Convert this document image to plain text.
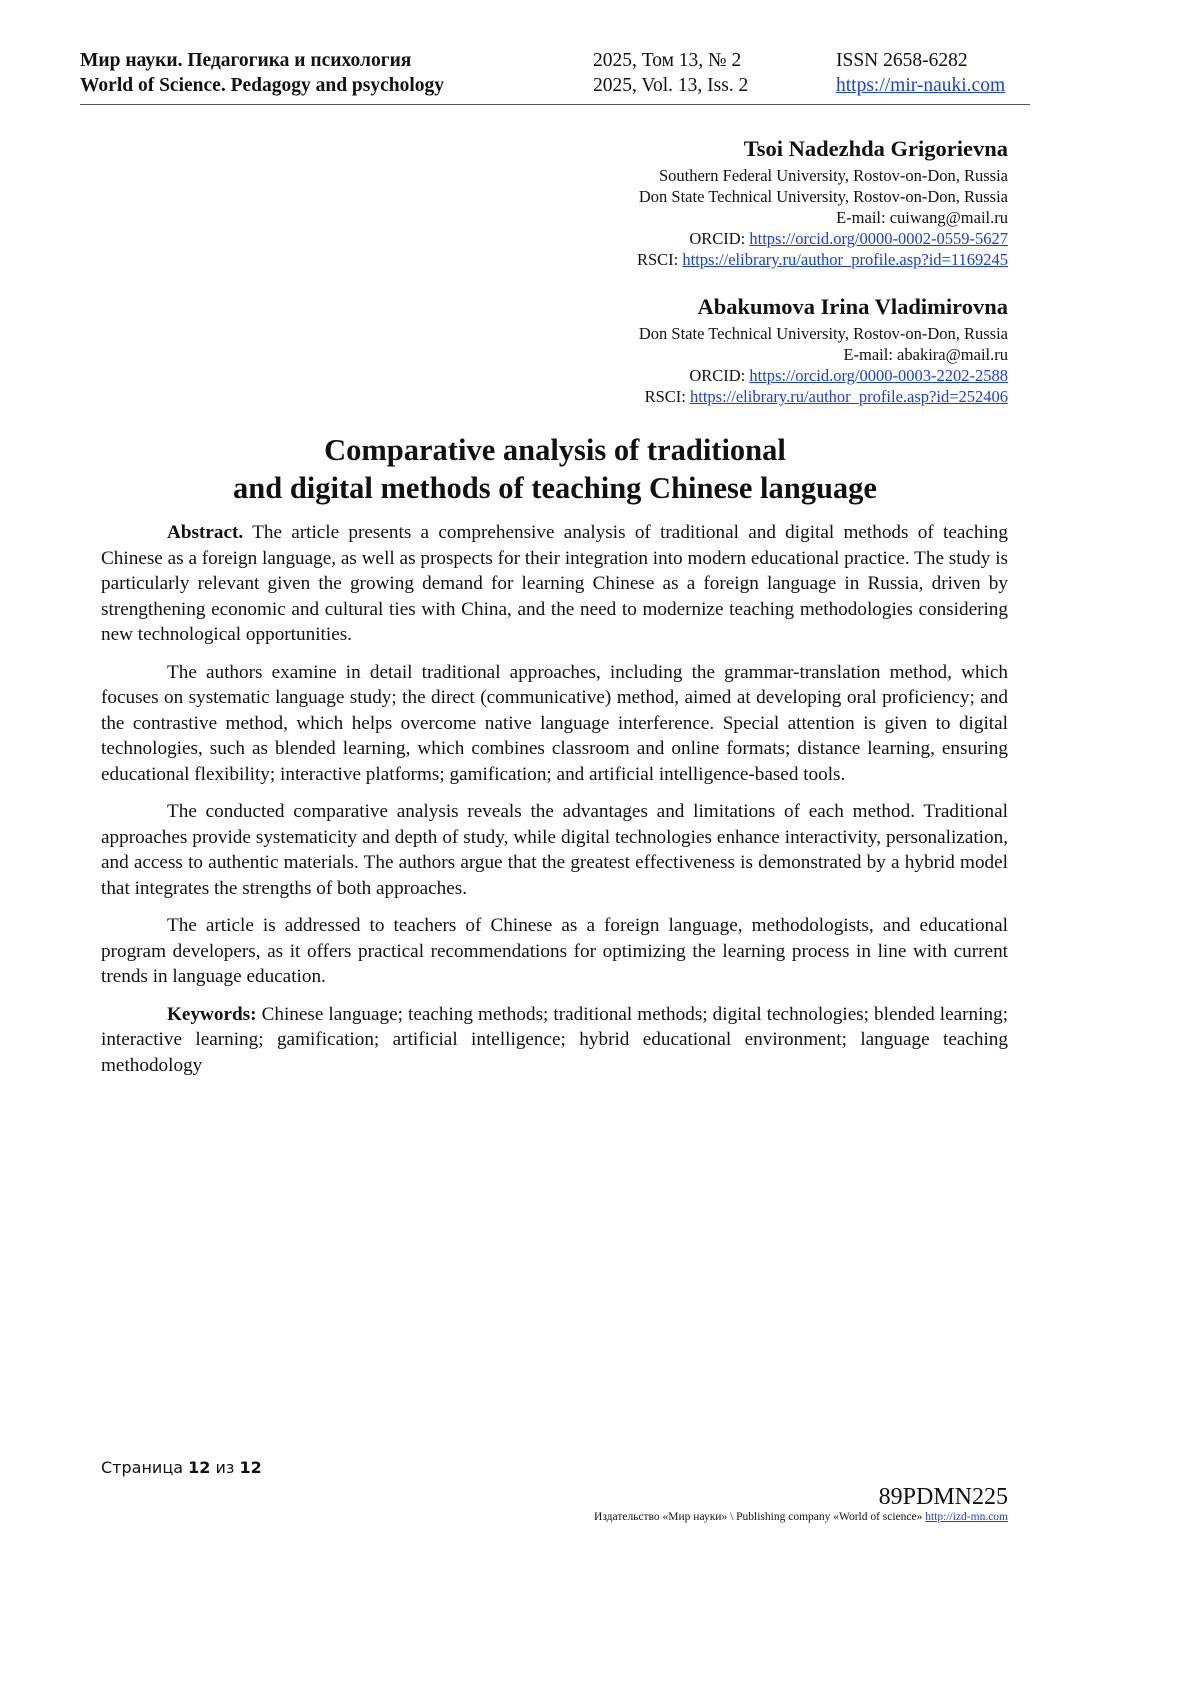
Мир науки. Педагогика и психология	2025, Том 13, № 2	ISSN 2658-6282
World of Science. Pedagogy and psychology	2025, Vol. 13, Iss. 2	https://mir-nauki.com
Tsoi Nadezhda Grigorievna
Southern Federal University, Rostov-on-Don, Russia
Don State Technical University, Rostov-on-Don, Russia
E-mail: cuiwang@mail.ru
ORCID: https://orcid.org/0000-0002-0559-5627
RSCI: https://elibrary.ru/author_profile.asp?id=1169245
Abakumova Irina Vladimirovna
Don State Technical University, Rostov-on-Don, Russia
E-mail: abakira@mail.ru
ORCID: https://orcid.org/0000-0003-2202-2588
RSCI: https://elibrary.ru/author_profile.asp?id=252406
Comparative analysis of traditional
and digital methods of teaching Chinese language

Abstract. The article presents a comprehensive analysis of traditional and digital methods of teaching Chinese as a foreign language, as well as prospects for their integration into modern educational practice. The study is particularly relevant given the growing demand for learning Chinese as a foreign language in Russia, driven by strengthening economic and cultural ties with China, and the need to modernize teaching methodologies considering new technological opportunities.

The authors examine in detail traditional approaches, including the grammar-translation method, which focuses on systematic language study; the direct (communicative) method, aimed at developing oral proficiency; and the contrastive method, which helps overcome native language interference. Special attention is given to digital technologies, such as blended learning, which combines classroom and online formats; distance learning, ensuring educational flexibility; interactive platforms; gamification; and artificial intelligence-based tools.

The conducted comparative analysis reveals the advantages and limitations of each method. Traditional approaches provide systematicity and depth of study, while digital technologies enhance interactivity, personalization, and access to authentic materials. The authors argue that the greatest effectiveness is demonstrated by a hybrid model that integrates the strengths of both approaches.

The article is addressed to teachers of Chinese as a foreign language, methodologists, and educational program developers, as it offers practical recommendations for optimizing the learning process in line with current trends in language education.

Keywords: Chinese language; teaching methods; traditional methods; digital technologies; blended learning; interactive learning; gamification; artificial intelligence; hybrid educational environment; language teaching methodology

Страница 12 из 12
89PDMN225
Издательство «Мир науки» \ Publishing company «World of science» http://izd-mn.com
